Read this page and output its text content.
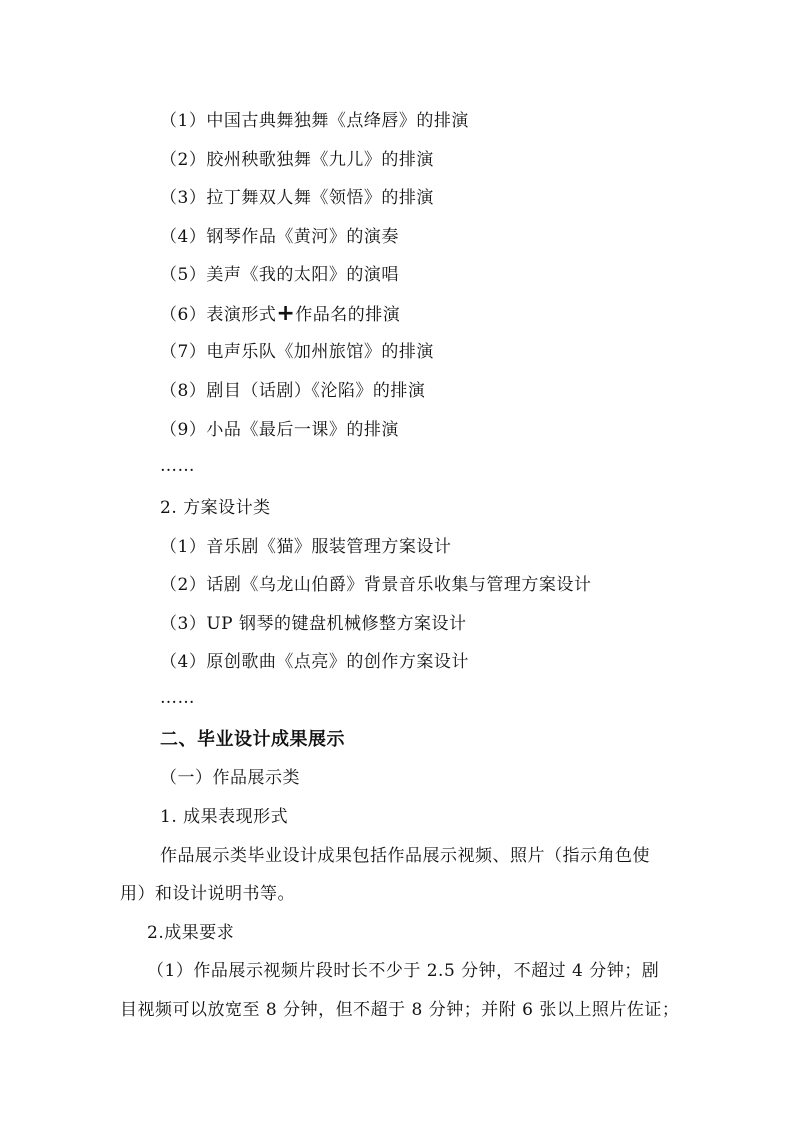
（1）中国古典舞独舞《点绛唇》的排演
（2）胶州秧歌独舞《九儿》的排演
（3）拉丁舞双人舞《领悟》的排演
（4）钢琴作品《黄河》的演奏
（5）美声《我的太阳》的演唱
（6）表演形式+作品名的排演
（7）电声乐队《加州旅馆》的排演
（8）剧目（话剧）《沦陷》的排演
（9）小品《最后一课》的排演
……
2. 方案设计类
（1）音乐剧《猫》服装管理方案设计
（2）话剧《乌龙山伯爵》背景音乐收集与管理方案设计
（3）UP 钢琴的键盘机械修整方案设计
（4）原创歌曲《点亮》的创作方案设计
……
二、毕业设计成果展示
（一）作品展示类
1. 成果表现形式
作品展示类毕业设计成果包括作品展示视频、照片（指示角色使
用）和设计说明书等。
2.成果要求
（1）作品展示视频片段时长不少于 2.5 分钟，不超过 4 分钟；剧
目视频可以放宽至 8 分钟，但不超于 8 分钟；并附 6 张以上照片佐证；
